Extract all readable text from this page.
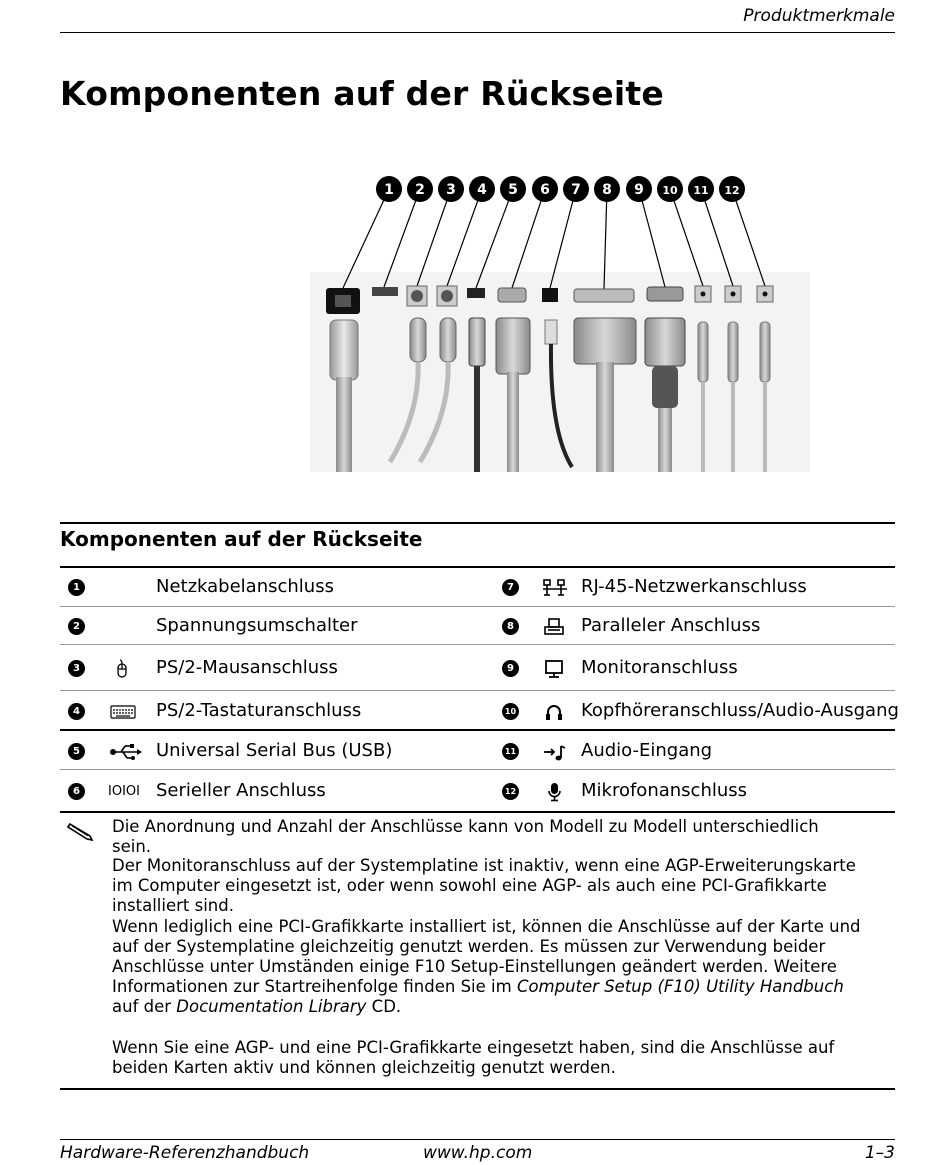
Produktmerkmale
Komponenten auf der Rückseite
1 2 3 4 5 6 7 8 9 10 11 12
Komponenten auf der Rückseite
1	Netzkabelanschluss	7	RJ-45-Netzwerkanschluss
2	Spannungsumschalter	8	Paralleler Anschluss
3	PS/2-Mausanschluss	9	Monitoranschluss
4	PS/2-Tastaturanschluss	10	Kopfhöreranschluss/Audio-Ausgang
5	Universal Serial Bus (USB)	11	Audio-Eingang
6	IOIOI Serieller Anschluss	12	Mikrofonanschluss

Die Anordnung und Anzahl der Anschlüsse kann von Modell zu Modell unterschiedlich sein.

Der Monitoranschluss auf der Systemplatine ist inaktiv, wenn eine AGP-Erweiterungskarte im Computer eingesetzt ist, oder wenn sowohl eine AGP- als auch eine PCI-Grafikkarte installiert sind.

Wenn lediglich eine PCI-Grafikkarte installiert ist, können die Anschlüsse auf der Karte und auf der Systemplatine gleichzeitig genutzt werden. Es müssen zur Verwendung beider Anschlüsse unter Umständen einige F10 Setup-Einstellungen geändert werden. Weitere Informationen zur Startreihenfolge finden Sie im Computer Setup (F10) Utility Handbuch auf der Documentation Library CD.

Wenn Sie eine AGP- und eine PCI-Grafikkarte eingesetzt haben, sind die Anschlüsse auf beiden Karten aktiv und können gleichzeitig genutzt werden.

Hardware-Referenzhandbuch	www.hp.com	1–3
